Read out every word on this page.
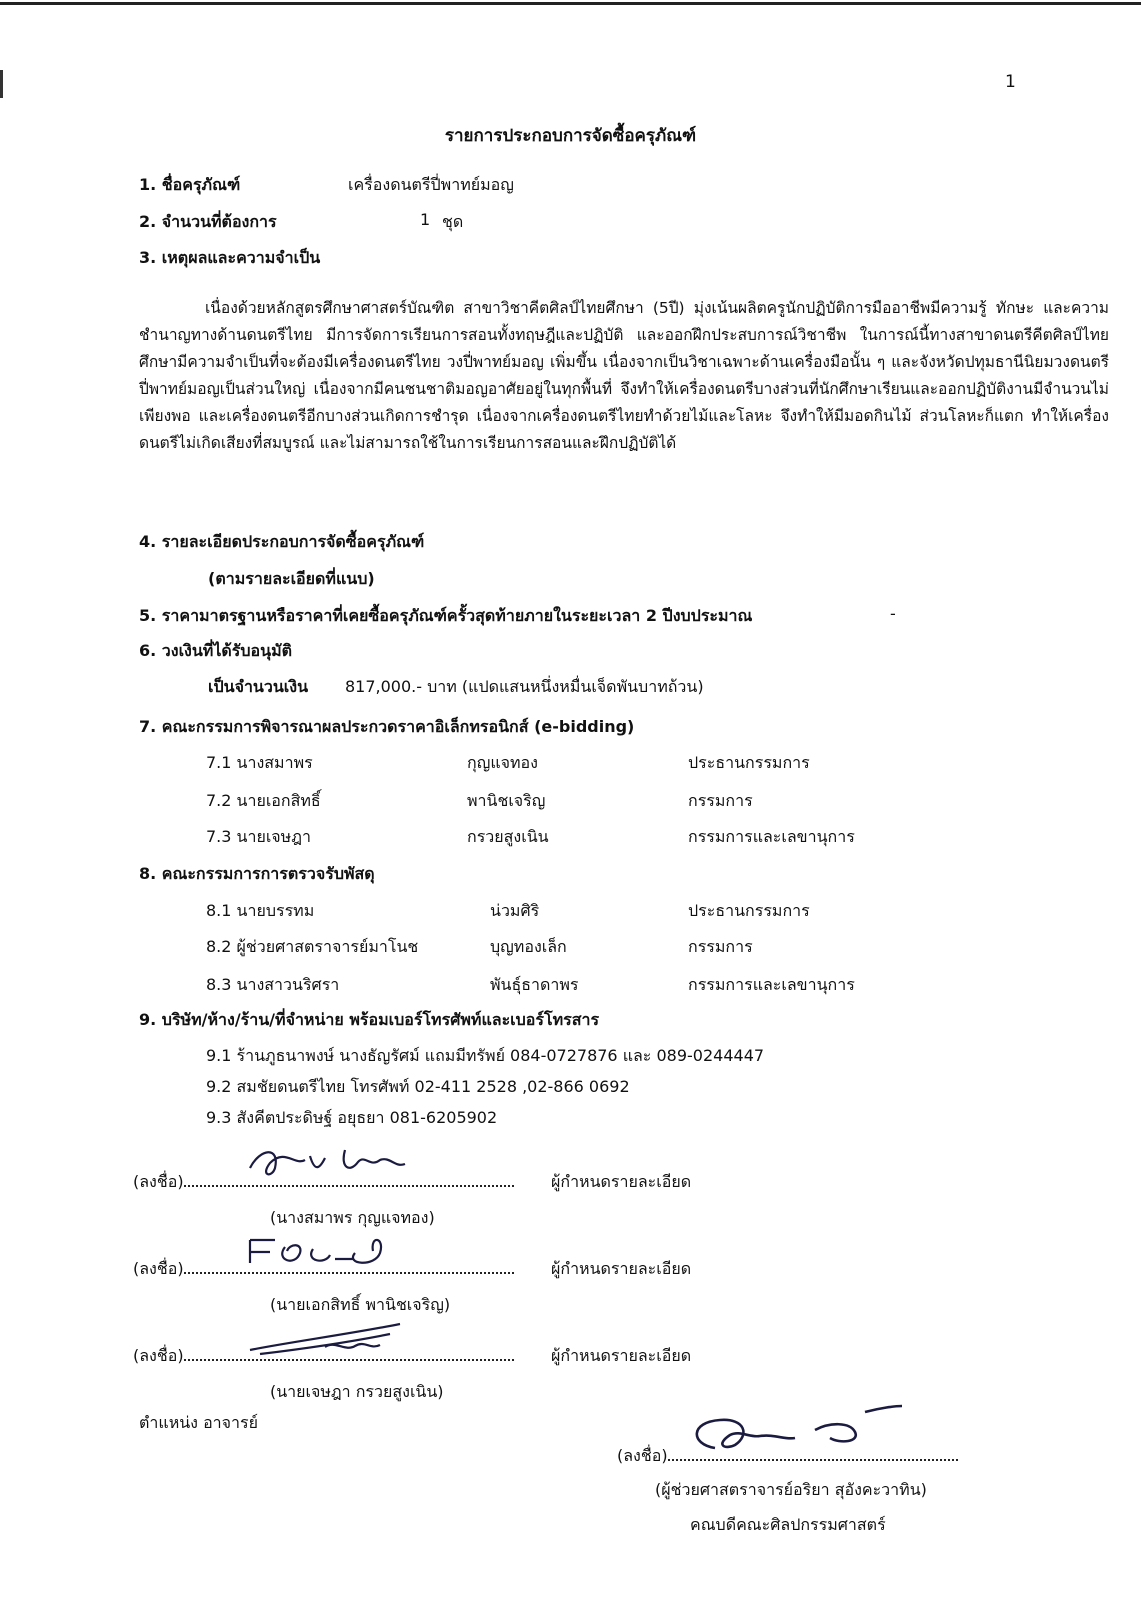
1
รายการประกอบการจัดซื้อครุภัณฑ์
1. ชื่อครุภัณฑ์	เครื่องดนตรีปี่พาทย์มอญ
2. จำนวนที่ต้องการ	1 ชุด
3. เหตุผลและความจำเป็น
เนื่องด้วยหลักสูตรศึกษาศาสตร์บัณฑิต สาขาวิชาคีตศิลป์ไทยศึกษา (5ปี) มุ่งเน้นผลิตครูนักปฏิบัติการมืออาชีพมีความรู้ ทักษะ และความชำนาญทางด้านดนตรีไทย มีการจัดการเรียนการสอนทั้งทฤษฎีและปฏิบัติ และออกฝึกประสบการณ์วิชาชีพ ในการณ์นี้ทางสาขาดนตรีคีตศิลป์ไทยศึกษามีความจำเป็นที่จะต้องมีเครื่องดนตรีไทย วงปี่พาทย์มอญ เพิ่มขึ้น เนื่องจากเป็นวิชาเฉพาะด้านเครื่องมือนั้น ๆ และจังหวัดปทุมธานีนิยมวงดนตรีปี่พาทย์มอญเป็นส่วนใหญ่ เนื่องจากมีคนชนชาติมอญอาศัยอยู่ในทุกพื้นที่ จึงทำให้เครื่องดนตรีบางส่วนที่นักศึกษาเรียนและออกปฏิบัติงานมีจำนวนไม่เพียงพอ และเครื่องดนตรีอีกบางส่วนเกิดการชำรุด เนื่องจากเครื่องดนตรีไทยทำด้วยไม้และโลหะ จึงทำให้มีมอดกินไม้ ส่วนโลหะก็แตก ทำให้เครื่องดนตรีไม่เกิดเสียงที่สมบูรณ์ และไม่สามารถใช้ในการเรียนการสอนและฝึกปฏิบัติได้
4. รายละเอียดประกอบการจัดซื้อครุภัณฑ์
(ตามรายละเอียดที่แนบ)
5. ราคามาตรฐานหรือราคาที่เคยซื้อครุภัณฑ์ครั้วสุดท้ายภายในระยะเวลา 2 ปีงบประมาณ	-
6. วงเงินที่ได้รับอนุมัติ
เป็นจำนวนเงิน 817,000.- บาท (แปดแสนหนึ่งหมื่นเจ็ดพันบาทถ้วน)
7. คณะกรรมการพิจารณาผลประกวดราคาอิเล็กทรอนิกส์ (e-bidding)
7.1 นางสมาพร	กุญแจทอง	ประธานกรรมการ
7.2 นายเอกสิทธิ์	พานิชเจริญ	กรรมการ
7.3 นายเจษฎา	กรวยสูงเนิน	กรรมการและเลขานุการ
8. คณะกรรมการการตรวจรับพัสดุ
8.1 นายบรรทม	น่วมศิริ	ประธานกรรมการ
8.2 ผู้ช่วยศาสตราจารย์มาโนช	บุญทองเล็ก	กรรมการ
8.3 นางสาวนริศรา	พันธุ์ธาดาพร	กรรมการและเลขานุการ
9. บริษัท/ห้าง/ร้าน/ที่จำหน่าย พร้อมเบอร์โทรศัพท์และเบอร์โทรสาร
9.1 ร้านภูธนาพงษ์ นางธัญรัศม์ แถมมีทรัพย์ 084-0727876 และ 089-0244447
9.2 สมชัยดนตรีไทย โทรศัพท์ 02-411 2528 ,02-866 0692
9.3 สังคีตประดิษฐ์ อยุธยา 081-6205902
(ลงชื่อ)	ผู้กำหนดรายละเอียด
(นางสมาพร กุญแจทอง)
(ลงชื่อ)	ผู้กำหนดรายละเอียด
(นายเอกสิทธิ์ พานิชเจริญ)
(ลงชื่อ)	ผู้กำหนดรายละเอียด
(นายเจษฎา กรวยสูงเนิน)
ตำแหน่ง อาจารย์
(ลงชื่อ)
(ผู้ช่วยศาสตราจารย์อริยา สุอังคะวาทิน)
คณบดีคณะศิลปกรรมศาสตร์
